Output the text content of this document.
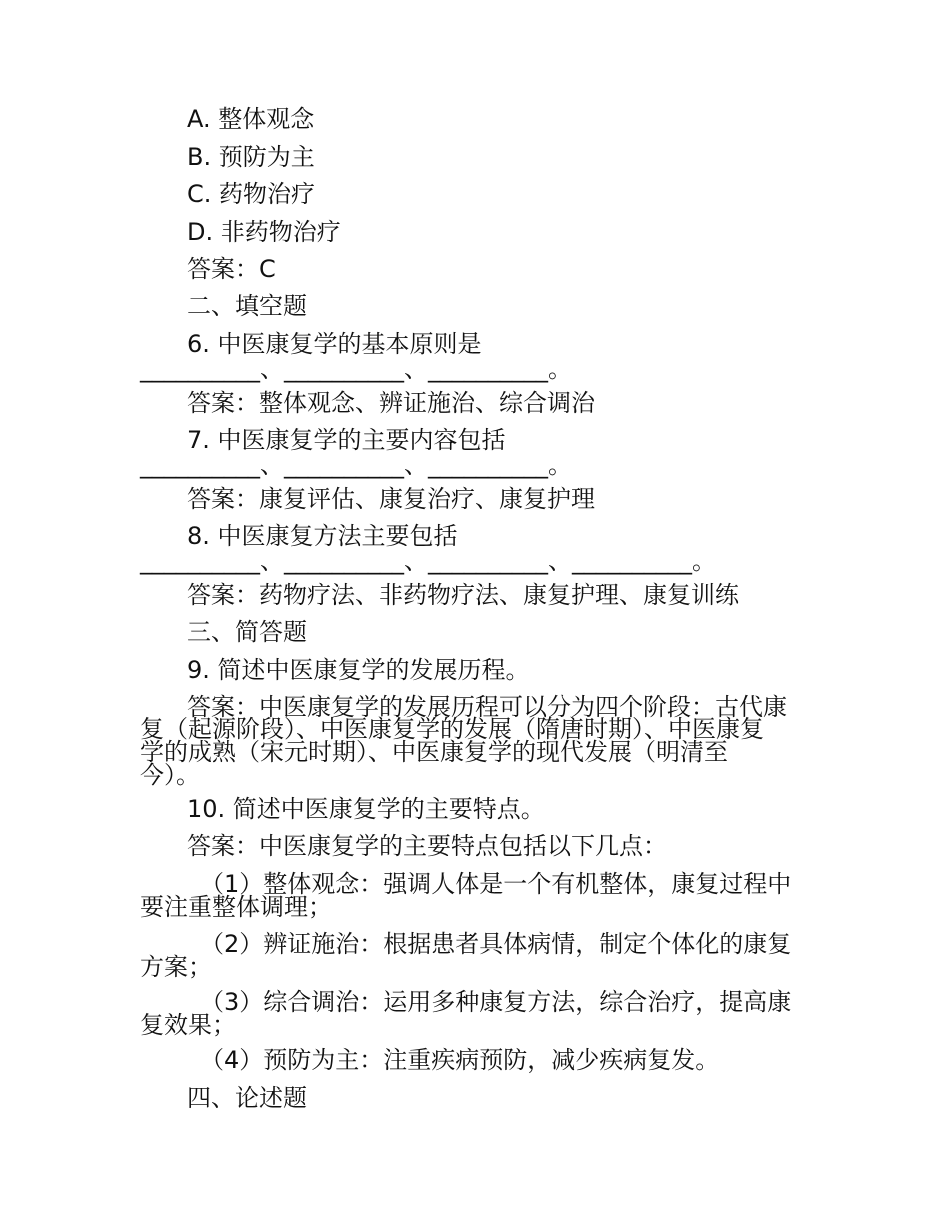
A. 整体观念

B. 预防为主

C. 药物治疗

D. 非药物治疗

答案：C

二、填空题

6. 中医康复学的基本原则是

__________、__________、__________。

答案：整体观念、辨证施治、综合调治

7. 中医康复学的主要内容包括

__________、__________、__________。

答案：康复评估、康复治疗、康复护理

8. 中医康复方法主要包括

__________、__________、__________、__________。

答案：药物疗法、非药物疗法、康复护理、康复训练

三、简答题

9. 简述中医康复学的发展历程。

答案：中医康复学的发展历程可以分为四个阶段：古代康

复（起源阶段）、中医康复学的发展（隋唐时期）、中医康复

学的成熟（宋元时期）、中医康复学的现代发展（明清至

今）。

10. 简述中医康复学的主要特点。

答案：中医康复学的主要特点包括以下几点：

（1）整体观念：强调人体是一个有机整体，康复过程中

要注重整体调理；

（2）辨证施治：根据患者具体病情，制定个体化的康复

方案；

（3）综合调治：运用多种康复方法，综合治疗，提高康

复效果；

（4）预防为主：注重疾病预防，减少疾病复发。

四、论述题
